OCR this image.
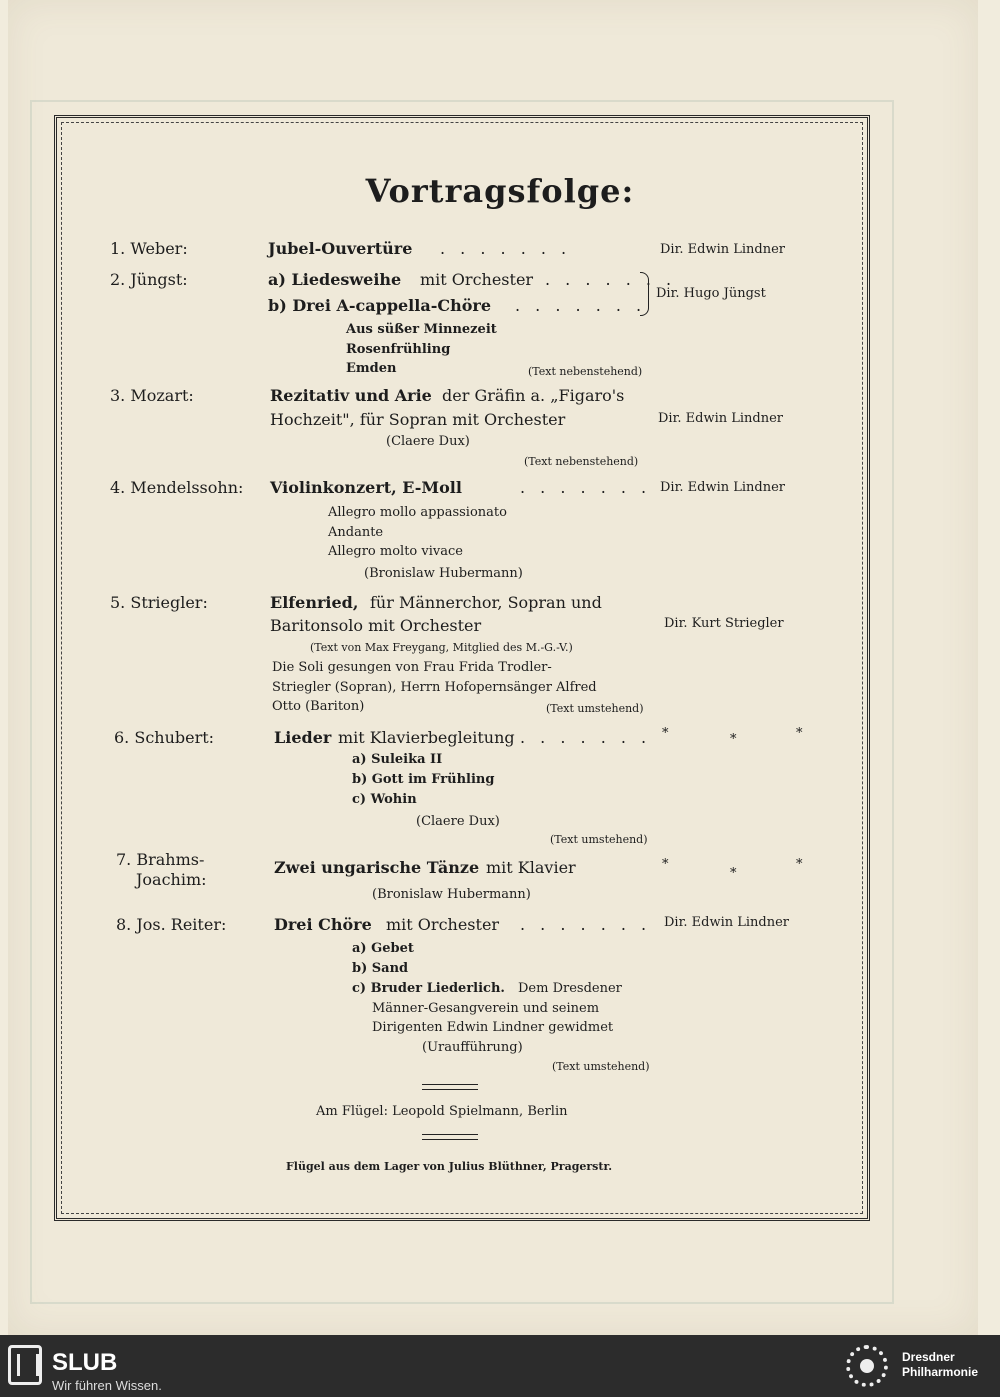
Vortragsfolge:
1. Weber:	Jubel-Ouvertüre . . . . . . .	Dir. Edwin Lindner
2. Jüngst:	a) Liedesweihe mit Orchester . . . . . . .
b) Drei A-cappella-Chöre . . . . . . .
Dir. Hugo Jüngst
Aus süßer Minnezeit
Rosenfrühling
Emden	(Text nebenstehend)
3. Mozart:	Rezitativ und Arie der Gräfin a. „Figaro's
Hochzeit", für Sopran mit Orchester	Dir. Edwin Lindner
(Claere Dux)
(Text nebenstehend)
4. Mendelssohn: Violinkonzert, E-Moll	. . . . . . . Dir. Edwin Lindner
Allegro mollo appassionato
Andante
Allegro molto vivace
(Bronislaw Hubermann)
5. Striegler:	Elfenried, für Männerchor, Sopran und
Baritonsolo mit Orchester	Dir. Kurt Striegler
(Text von Max Freygang, Mitglied des M.-G.-V.)
Die Soli gesungen von Frau Frida Trodler-
Striegler (Sopran), Herrn Hofopernsänger Alfred
Otto (Bariton)	(Text umstehend)
6. Schubert:	Lieder mit Klavierbegleitung . . . . . . . *	*	*
a) Suleika II
b) Gott im Frühling
c) Wohin
(Claere Dux)
(Text umstehend)
7. Brahms-
Joachim:
Zwei ungarische Tänze mit Klavier	*
*
*
(Bronislaw Hubermann)
8. Jos. Reiter:	Drei Chöre mit Orchester . . . . . . . Dir. Edwin Lindner
a) Gebet
b) Sand
c) Bruder Liederlich. Dem Dresdener
Männer-Gesangverein und seinem
Dirigenten Edwin Lindner gewidmet
(Uraufführung)
(Text umstehend)
Am Flügel: Leopold Spielmann, Berlin
Flügel aus dem Lager von Julius Blüthner, Pragerstr.
SLUB
Wir führen Wissen.
Dresdner
Philharmonie
